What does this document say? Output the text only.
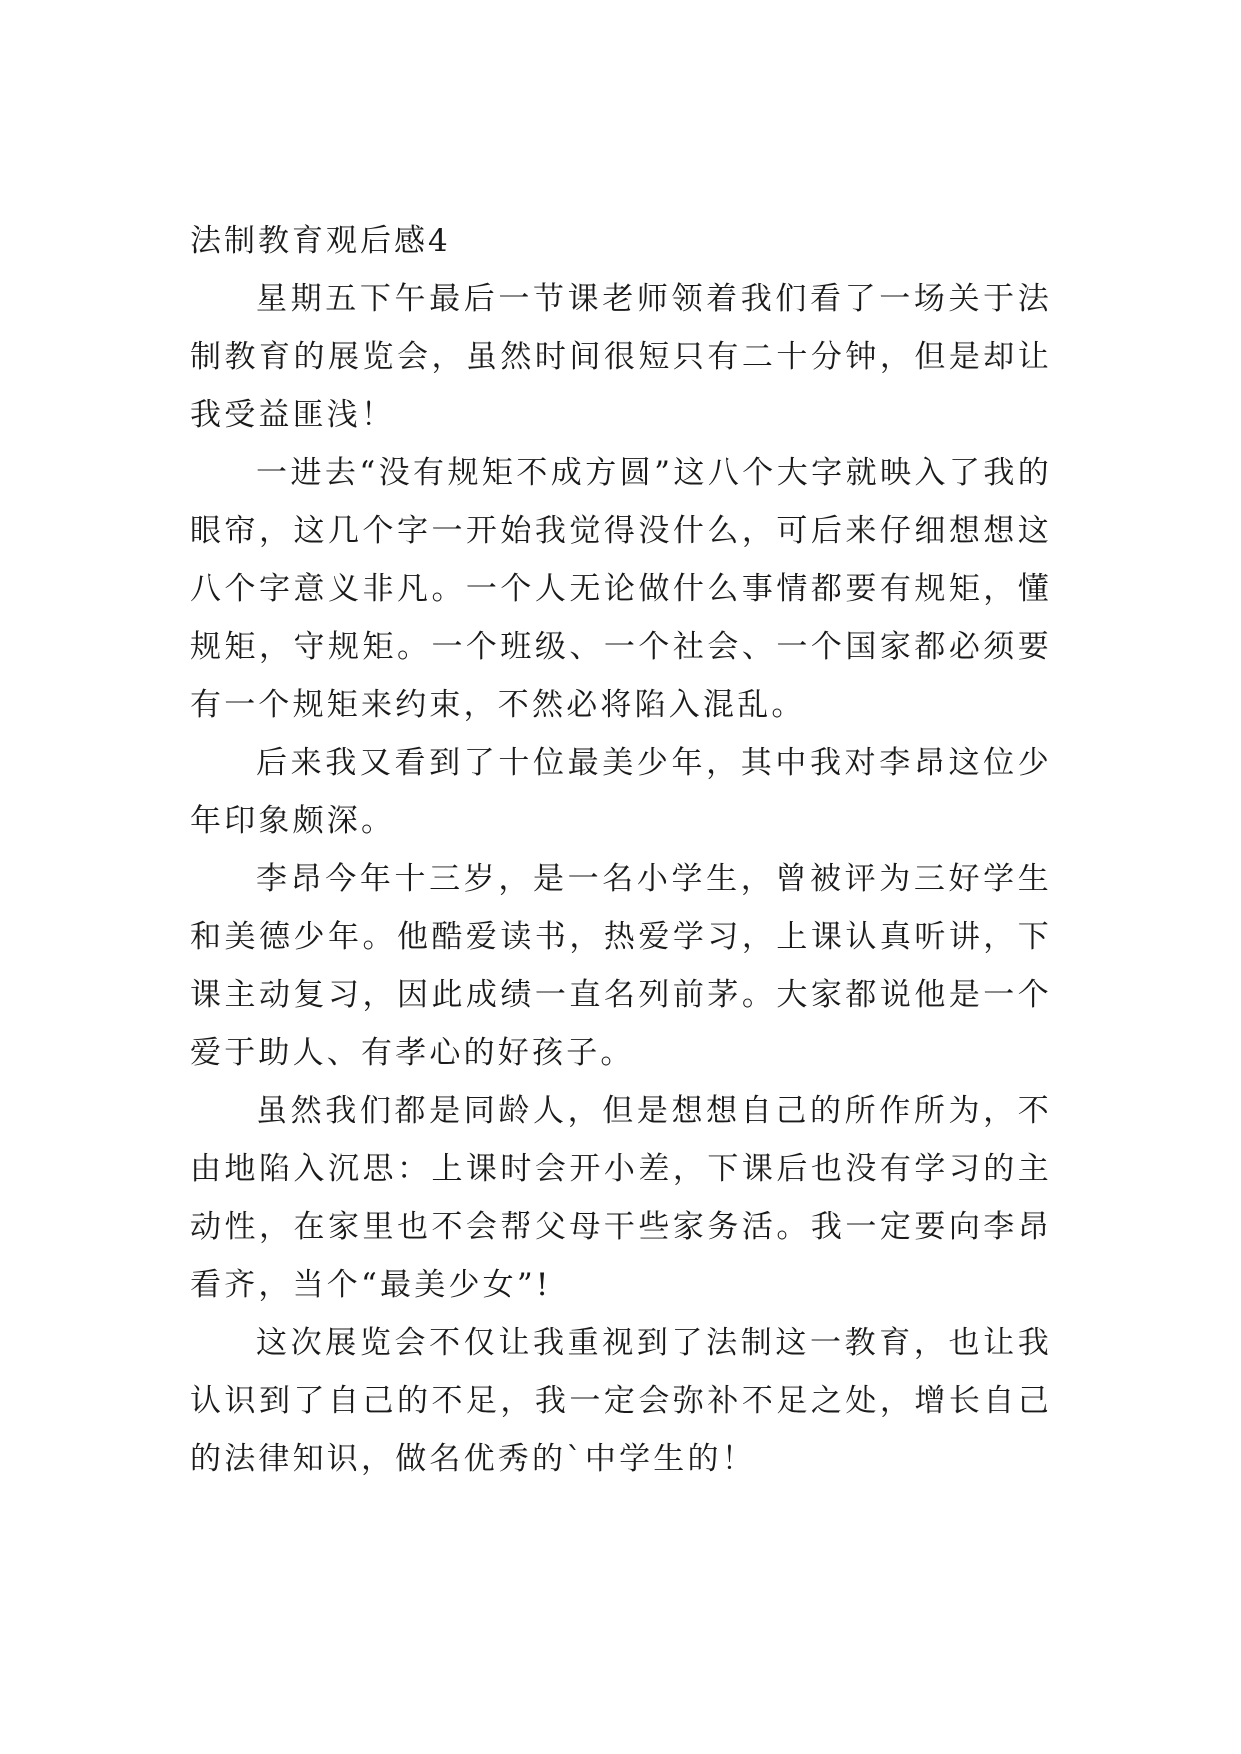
法制教育观后感4

星期五下午最后一节课老师领着我们看了一场关于法制教育的展览会，虽然时间很短只有二十分钟，但是却让我受益匪浅！

一进去“没有规矩不成方圆”这八个大字就映入了我的眼帘，这几个字一开始我觉得没什么，可后来仔细想想这八个字意义非凡。一个人无论做什么事情都要有规矩，懂规矩，守规矩。一个班级、一个社会、一个国家都必须要有一个规矩来约束，不然必将陷入混乱。

后来我又看到了十位最美少年，其中我对李昂这位少年印象颇深。

李昂今年十三岁，是一名小学生，曾被评为三好学生和美德少年。他酷爱读书，热爱学习，上课认真听讲，下课主动复习，因此成绩一直名列前茅。大家都说他是一个爱于助人、有孝心的好孩子。

虽然我们都是同龄人，但是想想自己的所作所为，不由地陷入沉思：上课时会开小差，下课后也没有学习的主动性，在家里也不会帮父母干些家务活。我一定要向李昂看齐，当个“最美少女”!

这次展览会不仅让我重视到了法制这一教育，也让我认识到了自己的不足，我一定会弥补不足之处，增长自己的法律知识，做名优秀的`中学生的！
